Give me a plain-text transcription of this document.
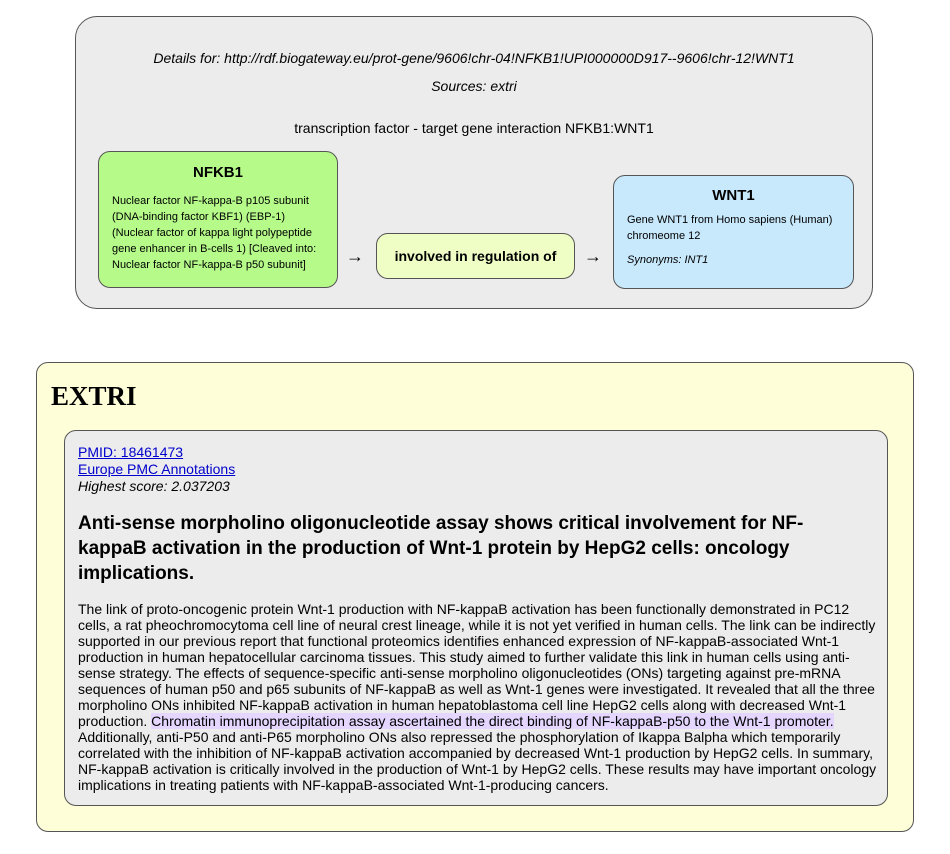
Details for: http://rdf.biogateway.eu/prot-gene/9606!chr-04!NFKB1!UPI000000D917--9606!chr-12!WNT1
Sources: extri
transcription factor - target gene interaction NFKB1:WNT1
NFKB1
Nuclear factor NF-kappa-B p105 subunit (DNA-binding factor KBF1) (EBP-1) (Nuclear factor of kappa light polypeptide gene enhancer in B-cells 1) [Cleaved into: Nuclear factor NF-kappa-B p50 subunit]	→ involved in regulation of →
WNT1
Gene WNT1 from Homo sapiens (Human) chromeome 12
Synonyms: INT1
EXTRI
PMID: 18461473
Europe PMC Annotations
Highest score: 2.037203
Anti-sense morpholino oligonucleotide assay shows critical involvement for NF-kappaB activation in the production of Wnt-1 protein by HepG2 cells: oncology implications.
The link of proto-oncogenic protein Wnt-1 production with NF-kappaB activation has been functionally demonstrated in PC12 cells, a rat pheochromocytoma cell line of neural crest lineage, while it is not yet verified in human cells. The link can be indirectly supported in our previous report that functional proteomics identifies enhanced expression of NF-kappaB-associated Wnt-1 production in human hepatocellular carcinoma tissues. This study aimed to further validate this link in human cells using anti-sense strategy. The effects of sequence-specific anti-sense morpholino oligonucleotides (ONs) targeting against pre-mRNA sequences of human p50 and p65 subunits of NF-kappaB as well as Wnt-1 genes were investigated. It revealed that all the three morpholino ONs inhibited NF-kappaB activation in human hepatoblastoma cell line HepG2 cells along with decreased Wnt-1 production. Chromatin immunoprecipitation assay ascertained the direct binding of NF-kappaB-p50 to the Wnt-1 promoter. Additionally, anti-P50 and anti-P65 morpholino ONs also repressed the phosphorylation of Ikappa Balpha which temporarily correlated with the inhibition of NF-kappaB activation accompanied by decreased Wnt-1 production by HepG2 cells. In summary, NF-kappaB activation is critically involved in the production of Wnt-1 by HepG2 cells. These results may have important oncology implications in treating patients with NF-kappaB-associated Wnt-1-producing cancers.
